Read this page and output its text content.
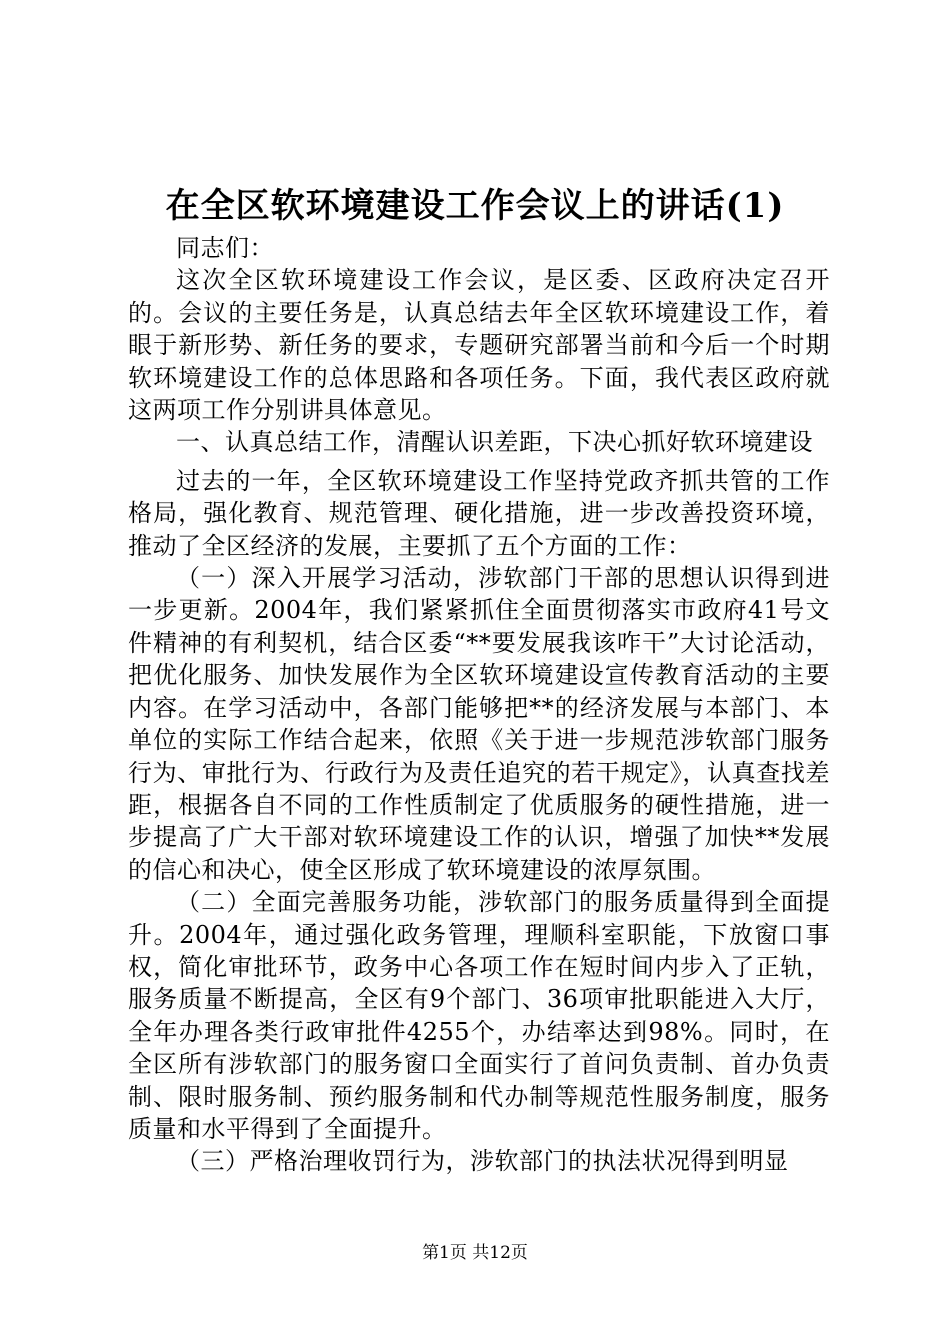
在全区软环境建设工作会议上的讲话(1)

同志们：

这次全区软环境建设工作会议，是区委、区政府决定召开的。会议的主要任务是，认真总结去年全区软环境建设工作，着眼于新形势、新任务的要求，专题研究部署当前和今后一个时期软环境建设工作的总体思路和各项任务。下面，我代表区政府就这两项工作分别讲具体意见。

一、认真总结工作，清醒认识差距，下决心抓好软环境建设

过去的一年，全区软环境建设工作坚持党政齐抓共管的工作格局，强化教育、规范管理、硬化措施，进一步改善投资环境，推动了全区经济的发展，主要抓了五个方面的工作：

（一）深入开展学习活动，涉软部门干部的思想认识得到进一步更新。2004年，我们紧紧抓住全面贯彻落实市政府41号文件精神的有利契机，结合区委“**要发展我该咋干”大讨论活动，把优化服务、加快发展作为全区软环境建设宣传教育活动的主要内容。在学习活动中，各部门能够把**的经济发展与本部门、本单位的实际工作结合起来，依照《关于进一步规范涉软部门服务行为、审批行为、行政行为及责任追究的若干规定》，认真查找差距，根据各自不同的工作性质制定了优质服务的硬性措施，进一步提高了广大干部对软环境建设工作的认识，增强了加快**发展的信心和决心，使全区形成了软环境建设的浓厚氛围。

（二）全面完善服务功能，涉软部门的服务质量得到全面提升。2004年，通过强化政务管理，理顺科室职能，下放窗口事权，简化审批环节，政务中心各项工作在短时间内步入了正轨，服务质量不断提高，全区有9个部门、36项审批职能进入大厅，全年办理各类行政审批件4255个，办结率达到98%。同时，在全区所有涉软部门的服务窗口全面实行了首问负责制、首办负责制、限时服务制、预约服务制和代办制等规范性服务制度，服务质量和水平得到了全面提升。

（三）严格治理收罚行为，涉软部门的执法状况得到明显

第1页 共12页
